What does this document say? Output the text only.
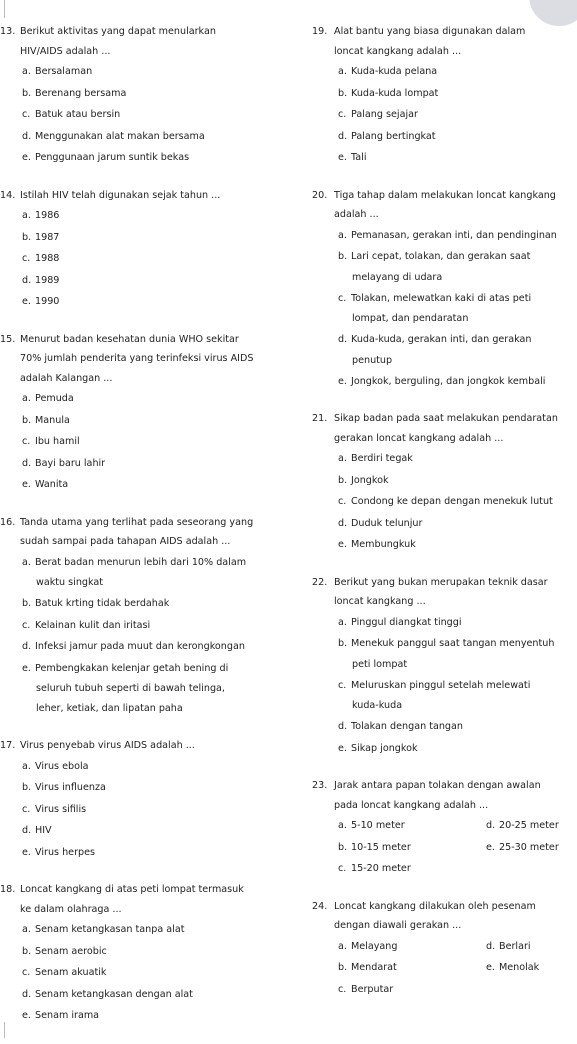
13. Berikut aktivitas yang dapat menularkan
HIV/AIDS adalah ...
a. Bersalaman
b. Berenang bersama
c. Batuk atau bersin
d. Menggunakan alat makan bersama
e. Penggunaan jarum suntik bekas
14. Istilah HIV telah digunakan sejak tahun ...
a. 1986
b. 1987
c. 1988
d. 1989
e. 1990
15. Menurut badan kesehatan dunia WHO sekitar
70% jumlah penderita yang terinfeksi virus AIDS
adalah Kalangan ...
a. Pemuda
b. Manula
c. Ibu hamil
d. Bayi baru lahir
e. Wanita
16. Tanda utama yang terlihat pada seseorang yang
sudah sampai pada tahapan AIDS adalah ...
a. Berat badan menurun lebih dari 10% dalam
waktu singkat
b. Batuk krting tidak berdahak
c. Kelainan kulit dan iritasi
d. Infeksi jamur pada muut dan kerongkongan
e. Pembengkakan kelenjar getah bening di
seluruh tubuh seperti di bawah telinga,
leher, ketiak, dan lipatan paha
17. Virus penyebab virus AIDS adalah ...
a. Virus ebola
b. Virus influenza
c. Virus sifilis
d. HIV
e. Virus herpes
18. Loncat kangkang di atas peti lompat termasuk
ke dalam olahraga ...
a. Senam ketangkasan tanpa alat
b. Senam aerobic
c. Senam akuatik
d. Senam ketangkasan dengan alat
e. Senam irama
19. Alat bantu yang biasa digunakan dalam
loncat kangkang adalah ...
a. Kuda-kuda pelana
b. Kuda-kuda lompat
c. Palang sejajar
d. Palang bertingkat
e. Tali
20. Tiga tahap dalam melakukan loncat kangkang
adalah ...
a. Pemanasan, gerakan inti, dan pendinginan
b. Lari cepat, tolakan, dan gerakan saat
melayang di udara
c. Tolakan, melewatkan kaki di atas peti
lompat, dan pendaratan
d. Kuda-kuda, gerakan inti, dan gerakan
penutup
e. Jongkok, berguling, dan jongkok kembali
21. Sikap badan pada saat melakukan pendaratan
gerakan loncat kangkang adalah ...
a. Berdiri tegak
b. Jongkok
c. Condong ke depan dengan menekuk lutut
d. Duduk telunjur
e. Membungkuk
22. Berikut yang bukan merupakan teknik dasar
loncat kangkang ...
a. Pinggul diangkat tinggi
b. Menekuk panggul saat tangan menyentuh
peti lompat
c. Meluruskan pinggul setelah melewati
kuda-kuda
d. Tolakan dengan tangan
e. Sikap jongkok
23. Jarak antara papan tolakan dengan awalan
pada loncat kangkang adalah ...
a. 5-10 meter	d. 20-25 meter
b. 10-15 meter	e. 25-30 meter
c. 15-20 meter
24. Loncat kangkang dilakukan oleh pesenam
dengan diawali gerakan ...
a. Melayang	d. Berlari
b. Mendarat	e. Menolak
c. Berputar
